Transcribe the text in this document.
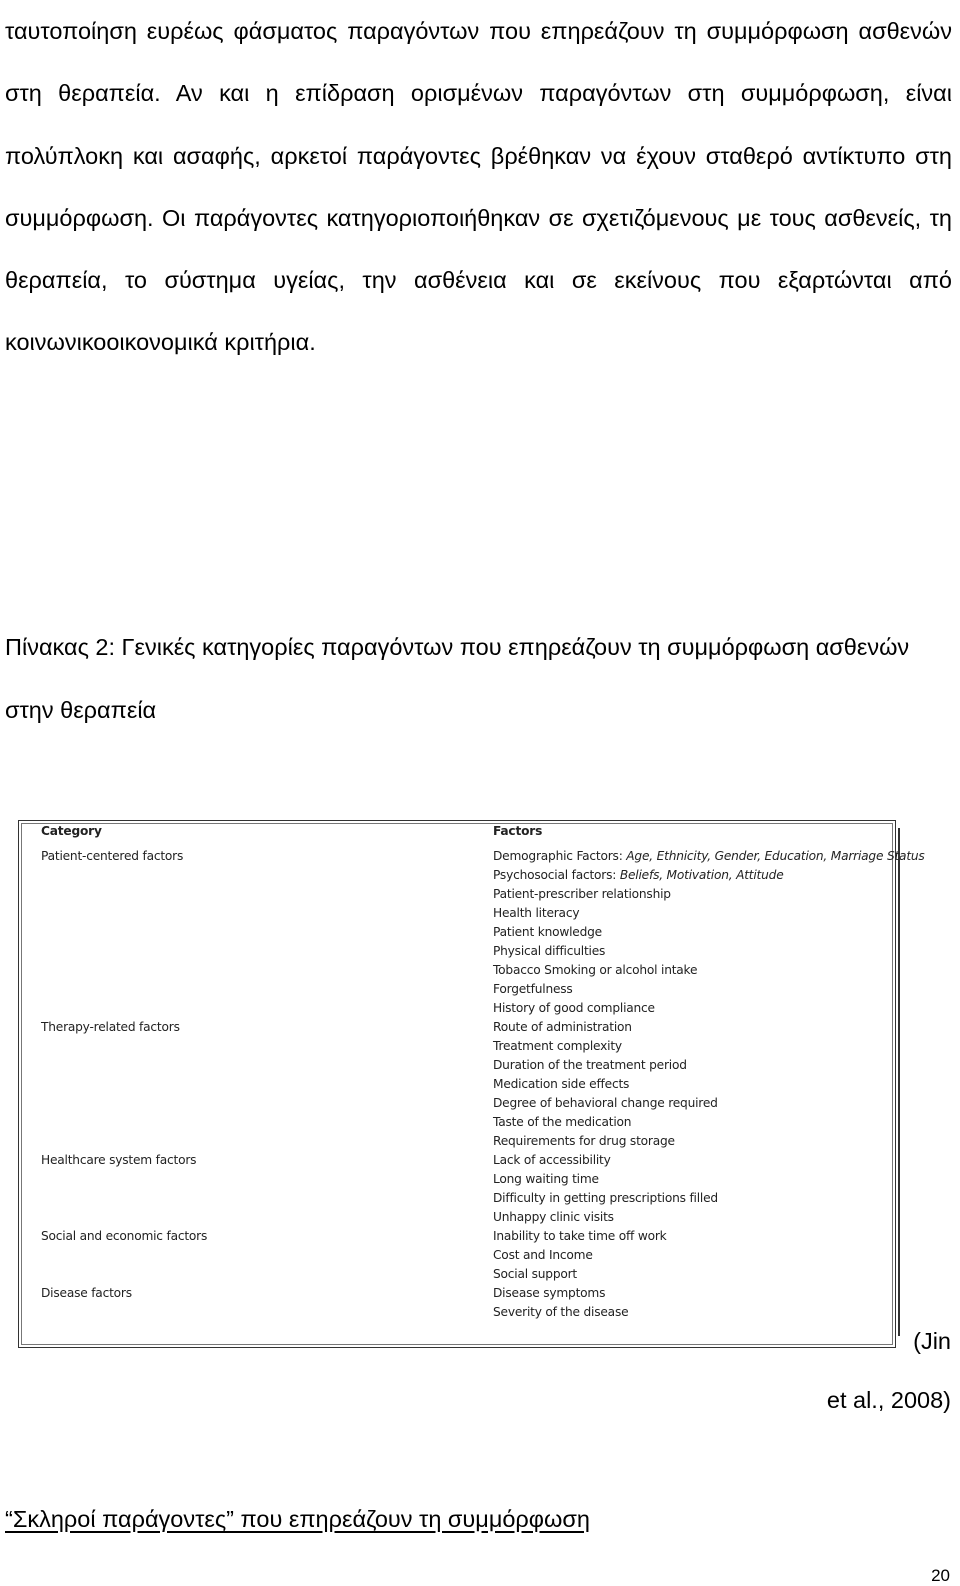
ταυτοποίηση ευρέως φάσματος παραγόντων που επηρεάζουν τη συμμόρφωση ασθενών στη θεραπεία. Αν και η επίδραση ορισμένων παραγόντων στη συμμόρφωση, είναι πολύπλοκη και ασαφής, αρκετοί παράγοντες βρέθηκαν να έχουν σταθερό αντίκτυπο στη συμμόρφωση. Οι παράγοντες κατηγοριοποιήθηκαν σε σχετιζόμενους με τους ασθενείς, τη θεραπεία, το σύστημα υγείας, την ασθένεια και σε εκείνους που εξαρτώνται από κοινωνικοοικονομικά κριτήρια.

Πίνακας 2: Γενικές κατηγορίες παραγόντων που επηρεάζουν τη συμμόρφωση ασθενών στην θεραπεία

Category	Factors
Patient-centered factors
Therapy-related factors
Healthcare system factors
Social and economic factors
Disease factors
Demographic Factors: Age, Ethnicity, Gender, Education, Marriage Status
Psychosocial factors: Beliefs, Motivation, Attitude
Patient-prescriber relationship
Health literacy
Patient knowledge
Physical difficulties
Tobacco Smoking or alcohol intake
Forgetfulness
History of good compliance
Route of administration
Treatment complexity
Duration of the treatment period
Medication side effects
Degree of behavioral change required
Taste of the medication
Requirements for drug storage
Lack of accessibility
Long waiting time
Difficulty in getting prescriptions filled
Unhappy clinic visits
Inability to take time off work
Cost and Income
Social support
Disease symptoms
Severity of the disease
(Jin
et al., 2008)
“Σκληροί παράγοντες” που επηρεάζουν τη συμμόρφωση
20
